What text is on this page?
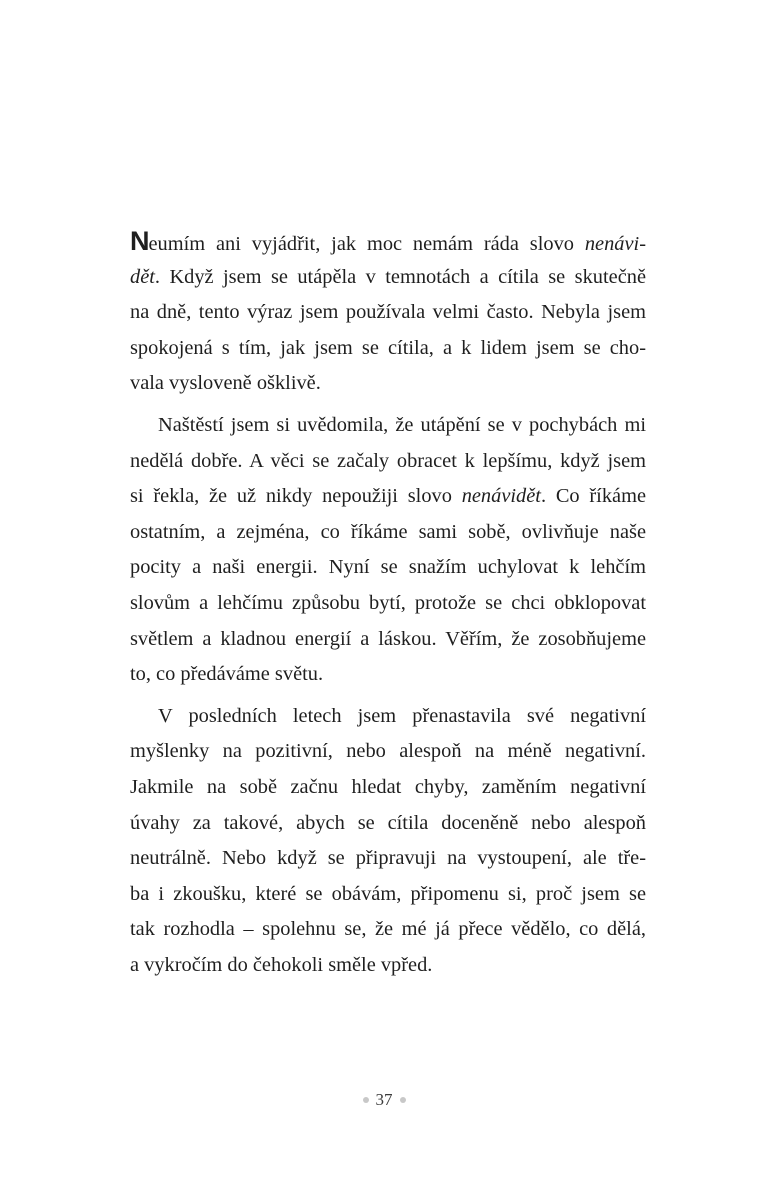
Neumím ani vyjádřit, jak moc nemám ráda slovo nenávi-
dět. Když jsem se utápěla v temnotách a cítila se skutečně
na dně, tento výraz jsem používala velmi často. Nebyla jsem
spokojená s tím, jak jsem se cítila, a k lidem jsem se cho-
vala vysloveně ošklivě.
Naštěstí jsem si uvědomila, že utápění se v pochybách mi
nedělá dobře. A věci se začaly obracet k lepšímu, když jsem
si řekla, že už nikdy nepoužiji slovo nenávidět. Co říkáme
ostatním, a zejména, co říkáme sami sobě, ovlivňuje naše
pocity a naši energii. Nyní se snažím uchylovat k lehčím
slovům a lehčímu způsobu bytí, protože se chci obklopovat
světlem a kladnou energií a láskou. Věřím, že zosobňujeme
to, co předáváme světu.
V posledních letech jsem přenastavila své negativní
myšlenky na pozitivní, nebo alespoň na méně negativní.
Jakmile na sobě začnu hledat chyby, zaměním negativní
úvahy za takové, abych se cítila doceněně nebo alespoň
neutrálně. Nebo když se připravuji na vystoupení, ale tře-
ba i zkoušku, které se obávám, připomenu si, proč jsem se
tak rozhodla – spolehnu se, že mé já přece vědělo, co dělá,
a vykročím do čehokoli směle vpřed.
37
